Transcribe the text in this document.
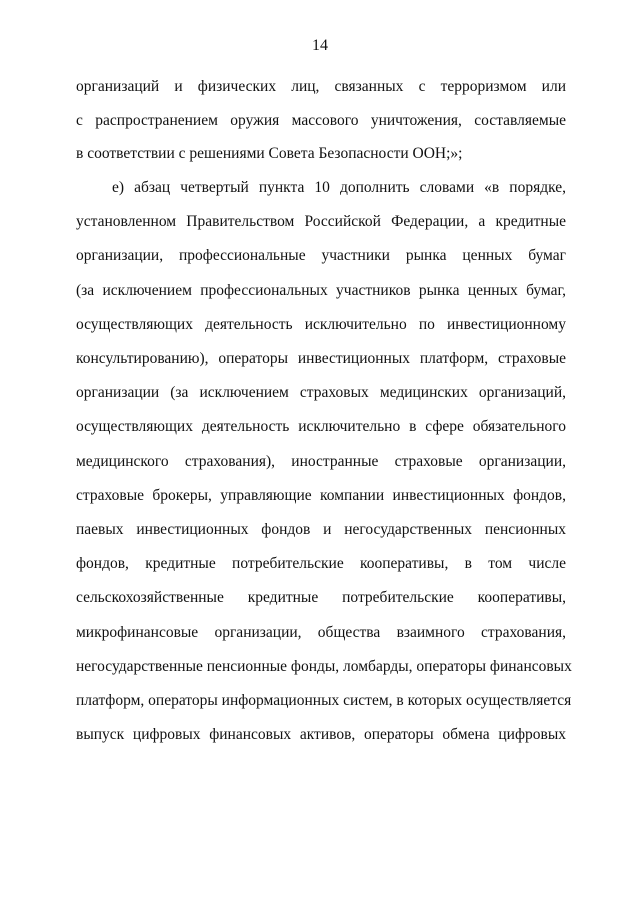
14
организаций и физических лиц, связанных с терроризмом или
с распространением оружия массового уничтожения, составляемые
в соответствии с решениями Совета Безопасности ООН;»;
е) абзац четвертый пункта 10 дополнить словами «в порядке,
установленном Правительством Российской Федерации, а кредитные
организации, профессиональные участники рынка ценных бумаг
(за исключением профессиональных участников рынка ценных бумаг,
осуществляющих деятельность исключительно по инвестиционному
консультированию), операторы инвестиционных платформ, страховые
организации (за исключением страховых медицинских организаций,
осуществляющих деятельность исключительно в сфере обязательного
медицинского страхования), иностранные страховые организации,
страховые брокеры, управляющие компании инвестиционных фондов,
паевых инвестиционных фондов и негосударственных пенсионных
фондов, кредитные потребительские кооперативы, в том числе
сельскохозяйственные кредитные потребительские кооперативы,
микрофинансовые организации, общества взаимного страхования,
негосударственные пенсионные фонды, ломбарды, операторы финансовых
платформ, операторы информационных систем, в которых осуществляется
выпуск цифровых финансовых активов, операторы обмена цифровых
